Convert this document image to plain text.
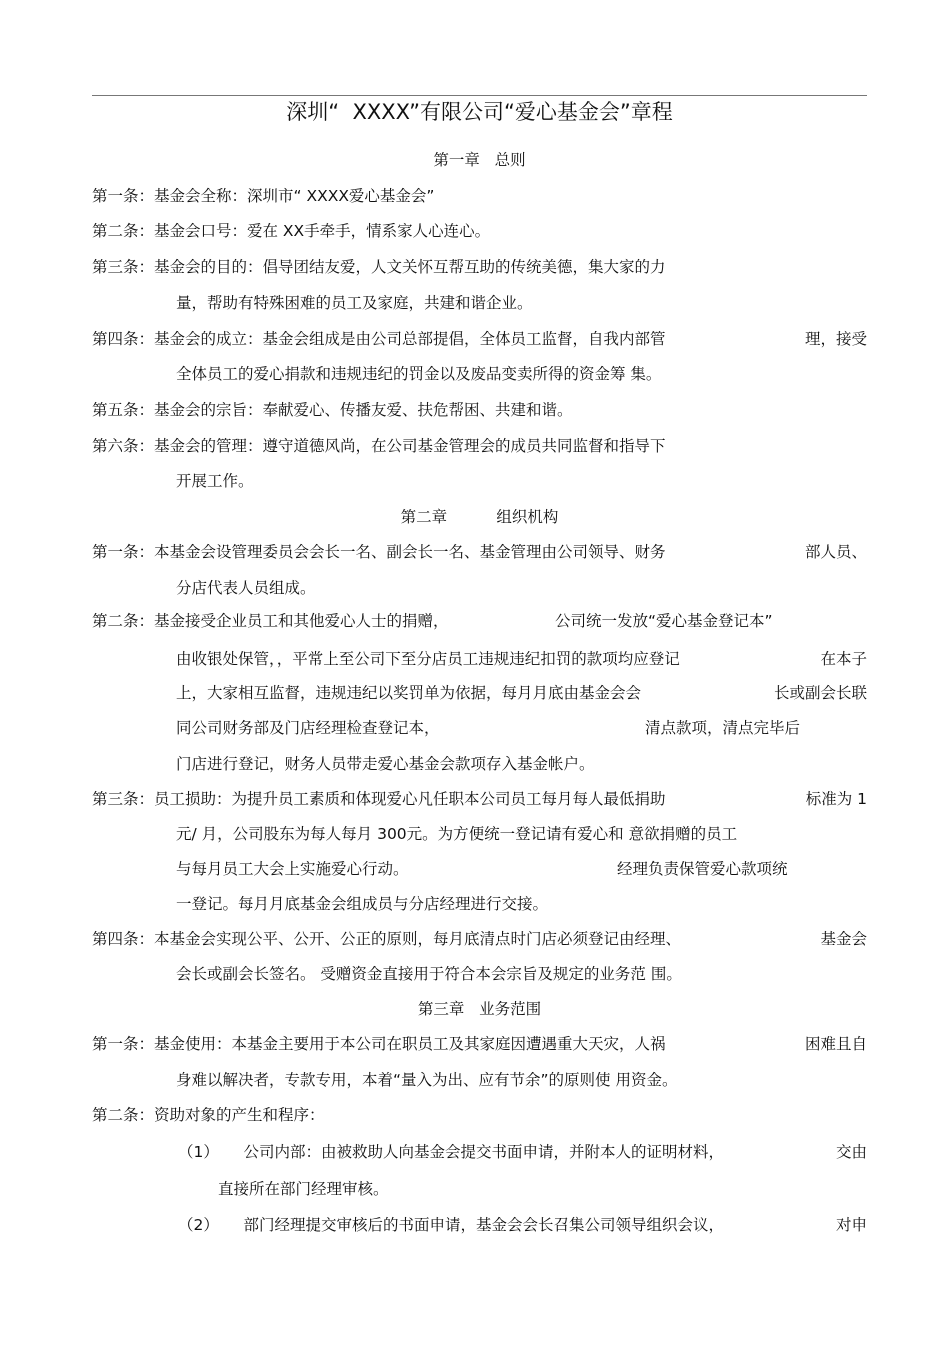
深圳“  XXXX”有限公司“爱心基金会”章程
第一章   总则
第一条：基金会全称：深圳市“ XXXX爱心基金会”
第二条：基金会口号：爱在 XX手牵手，情系家人心连心。
第三条：基金会的目的：倡导团结友爱，人文关怀互帮互助的传统美德，集大家的力
量，帮助有特殊困难的员工及家庭，共建和谐企业。
第四条：基金会的成立：基金会组成是由公司总部提倡，全体员工监督，自我内部管	理，接受
全体员工的爱心捐款和违规违纪的罚金以及废品变卖所得的资金筹 集。
第五条：基金会的宗旨：奉献爱心、传播友爱、扶危帮困、共建和谐。
第六条：基金会的管理：遵守道德风尚，在公司基金管理会的成员共同监督和指导下
开展工作。
第二章          组织机构
第一条：本基金会设管理委员会会长一名、副会长一名、基金管理由公司领导、财务	部人员、
分店代表人员组成。
第二条：基金接受企业员工和其他爱心人士的捐赠，	公司统一发放“爱心基金登记本”
由收银处保管，，平常上至公司下至分店员工违规违纪扣罚的款项均应登记	在本子
上，大家相互监督，违规违纪以奖罚单为依据，每月月底由基金会会	长或副会长联
同公司财务部及门店经理检查登记本，	清点款项，清点完毕后
门店进行登记，财务人员带走爱心基金会款项存入基金帐户。
第三条：员工损助：为提升员工素质和体现爱心凡任职本公司员工每月每人最低捐助	标准为 1
元/ 月，公司股东为每人每月 300元。为方便统一登记请有爱心和 意欲捐赠的员工
与每月员工大会上实施爱心行动。	经理负责保管爱心款项统
一登记。每月月底基金会组成员与分店经理进行交接。
第四条：本基金会实现公平、公开、公正的原则，每月底清点时门店必须登记由经理、	基金会
会长或副会长签名。 受赠资金直接用于符合本会宗旨及规定的业务范 围。
第三章   业务范围
第一条：基金使用：本基金主要用于本公司在职员工及其家庭因遭遇重大天灾，人祸	困难且自
身难以解决者，专款专用，本着“量入为出、应有节余”的原则使 用资金。
第二条：资助对象的产生和程序：
（1）     公司内部：由被救助人向基金会提交书面申请，并附本人的证明材料，	交由
直接所在部门经理审核。
（2）     部门经理提交审核后的书面申请，基金会会长召集公司领导组织会议，	对申
